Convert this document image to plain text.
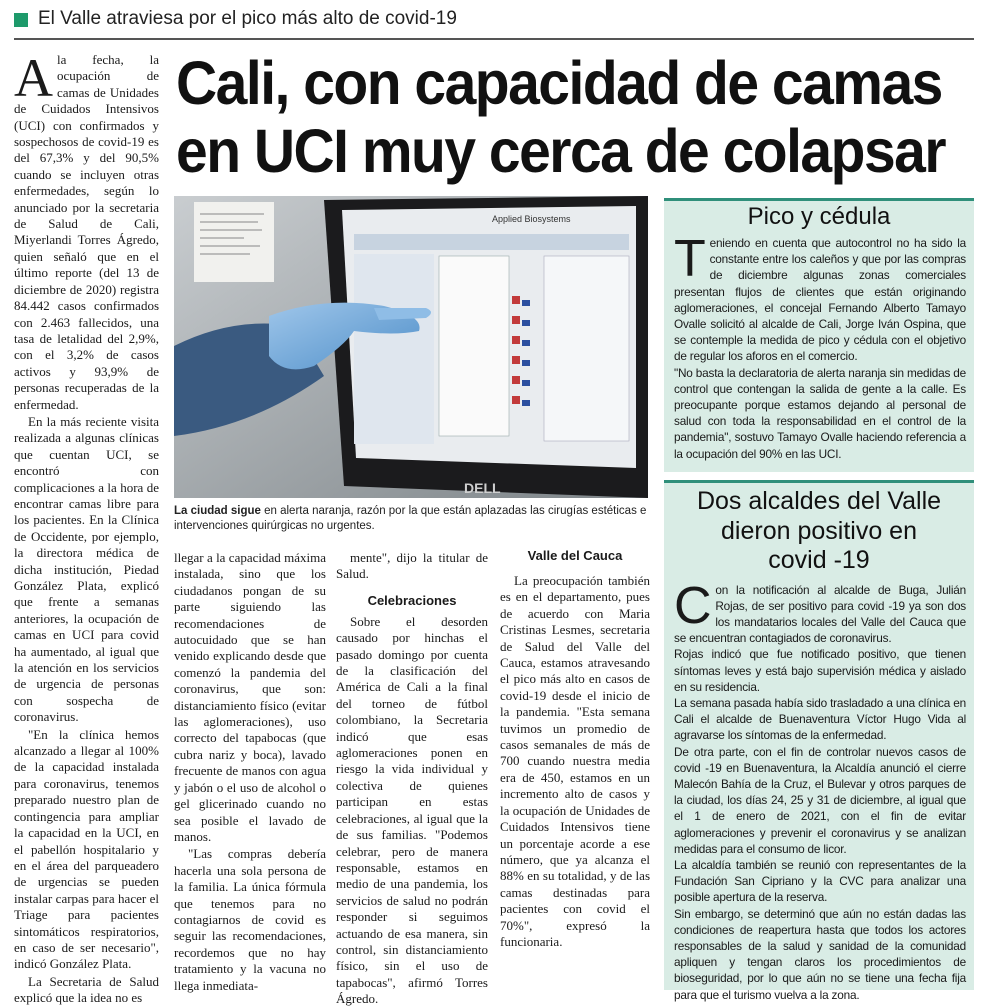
El Valle atraviesa por el pico más alto de covid-19
Cali, con capacidad de camas
en UCI muy cerca de colapsar

Ala fecha, la ocupación de camas de Unidades de Cuidados Intensivos (UCI) con confirmados y sospechosos de covid-19 es del 67,3% y del 90,5% cuando se incluyen otras enfermedades, según lo anunciado por la secretaria de Salud de Cali, Miyerlandi Torres Ágredo, quien señaló que en el último reporte (del 13 de diciembre de 2020) registra 84.442 casos confirmados con 2.463 fallecidos, una tasa de letalidad del 2,9%, con el 3,2% de casos activos y 93,9% de personas recuperadas de la enfermedad.

En la más reciente visita realizada a algunas clínicas que cuentan UCI, se encontró con complicaciones a la hora de encontrar camas libre para los pacientes. En la Clínica de Occidente, por ejemplo, la directora médica de dicha institución, Piedad González Plata, explicó que frente a semanas anteriores, la ocupación de camas en UCI para covid ha aumentado, al igual que la atención en los servicios de urgencia de personas con sospecha de coronavirus.

"En la clínica hemos alcanzado a llegar al 100% de la capacidad instalada para coronavirus, tenemos preparado nuestro plan de contingencia para ampliar la capacidad en la UCI, en el pabellón hospitalario y en el área del parqueadero de urgencias se pueden instalar carpas para hacer el Triage para pacientes sintomáticos respiratorios, en caso de ser necesario", indicó González Plata.

La Secretaria de Salud explicó que la idea no es

Applied Biosystems
DELL
La ciudad sigue en alerta naranja, razón por la que están aplazadas las cirugías estéticas e intervenciones quirúrgicas no urgentes.

llegar a la capacidad máxima instalada, sino que los ciudadanos pongan de su parte siguiendo las recomendaciones de autocuidado que se han venido explicando desde que comenzó la pandemia del coronavirus, que son: distanciamiento físico (evitar las aglomeraciones), uso correcto del tapabocas (que cubra nariz y boca), lavado frecuente de manos con agua y jabón o el uso de alcohol o gel glicerinado cuando no sea posible el lavado de manos.

"Las compras debería hacerla una sola persona de la familia. La única fórmula que tenemos para no contagiarnos de covid es seguir las recomendaciones, recordemos que no hay tratamiento y la vacuna no llega inmediata-

mente", dijo la titular de Salud.

Celebraciones

Sobre el desorden causado por hinchas el pasado domingo por cuenta de la clasificación del América de Cali a la final del torneo de fútbol colombiano, la Secretaria indicó que esas aglomeraciones ponen en riesgo la vida individual y colectiva de quienes participan en estas celebraciones, al igual que la de sus familias. "Podemos celebrar, pero de manera responsable, estamos en medio de una pandemia, los servicios de salud no podrán responder si seguimos actuando de esa manera, sin control, sin distanciamiento físico, sin el uso de tapabocas", afirmó Torres Ágredo.

Valle del Cauca

La preocupación también es en el departamento, pues de acuerdo con Maria Cristinas Lesmes, secretaria de Salud del Valle del Cauca, estamos atravesando el pico más alto en casos de covid-19 desde el inicio de la pandemia. "Esta semana tuvimos un promedio de casos semanales de más de 700 cuando nuestra media era de 450, estamos en un incremento alto de casos y la ocupación de Unidades de Cuidados Intensivos tiene un porcentaje acorde a ese número, que ya alcanza el 88% en su totalidad, y de las camas destinadas para pacientes con covid el 70%", expresó la funcionaria.

Pico y cédula

Teniendo en cuenta que autocontrol no ha sido la constante entre los caleños y que por las compras de diciembre algunas zonas comerciales presentan flujos de clientes que están originando aglomeraciones, el concejal Fernando Alberto Tamayo Ovalle solicitó al alcalde de Cali, Jorge Iván Ospina, que se contemple la medida de pico y cédula con el objetivo de regular los aforos en el comercio.

"No basta la declaratoria de alerta naranja sin medidas de control que contengan la salida de gente a la calle. Es preocupante porque estamos dejando al personal de salud con toda la responsabilidad en el control de la pandemia", sostuvo Tamayo Ovalle haciendo referencia a la ocupación del 90% en las UCI.

Dos alcaldes del Valle dieron positivo en covid -19

Con la notificación al alcalde de Buga, Julián Rojas, de ser positivo para covid -19 ya son dos los mandatarios locales del Valle del Cauca que se encuentran contagiados de coronavirus.

Rojas indicó que fue notificado positivo, que tienen síntomas leves y está bajo supervisión médica y aislado en su residencia.

La semana pasada había sido trasladado a una clínica en Cali el alcalde de Buenaventura Víctor Hugo Vida al agravarse los síntomas de la enfermedad.

De otra parte, con el fin de controlar nuevos casos de covid -19 en Buenaventura, la Alcaldía anunció el cierre Malecón Bahía de la Cruz, el Bulevar y otros parques de la ciudad, los días 24, 25 y 31 de diciembre, al igual que el 1 de enero de 2021, con el fin de evitar aglomeraciones y prevenir el coronavirus y se analizan medidas para el consumo de licor.

La alcaldía también se reunió con representantes de la Fundación San Cipriano y la CVC para analizar una posible apertura de la reserva.

Sin embargo, se determinó que aún no están dadas las condiciones de reapertura hasta que todos los actores responsables de la salud y sanidad de la comunidad apliquen y tengan claros los procedimientos de bioseguridad, por lo que aún no se tiene una fecha fija para que el turismo vuelva a la zona.
